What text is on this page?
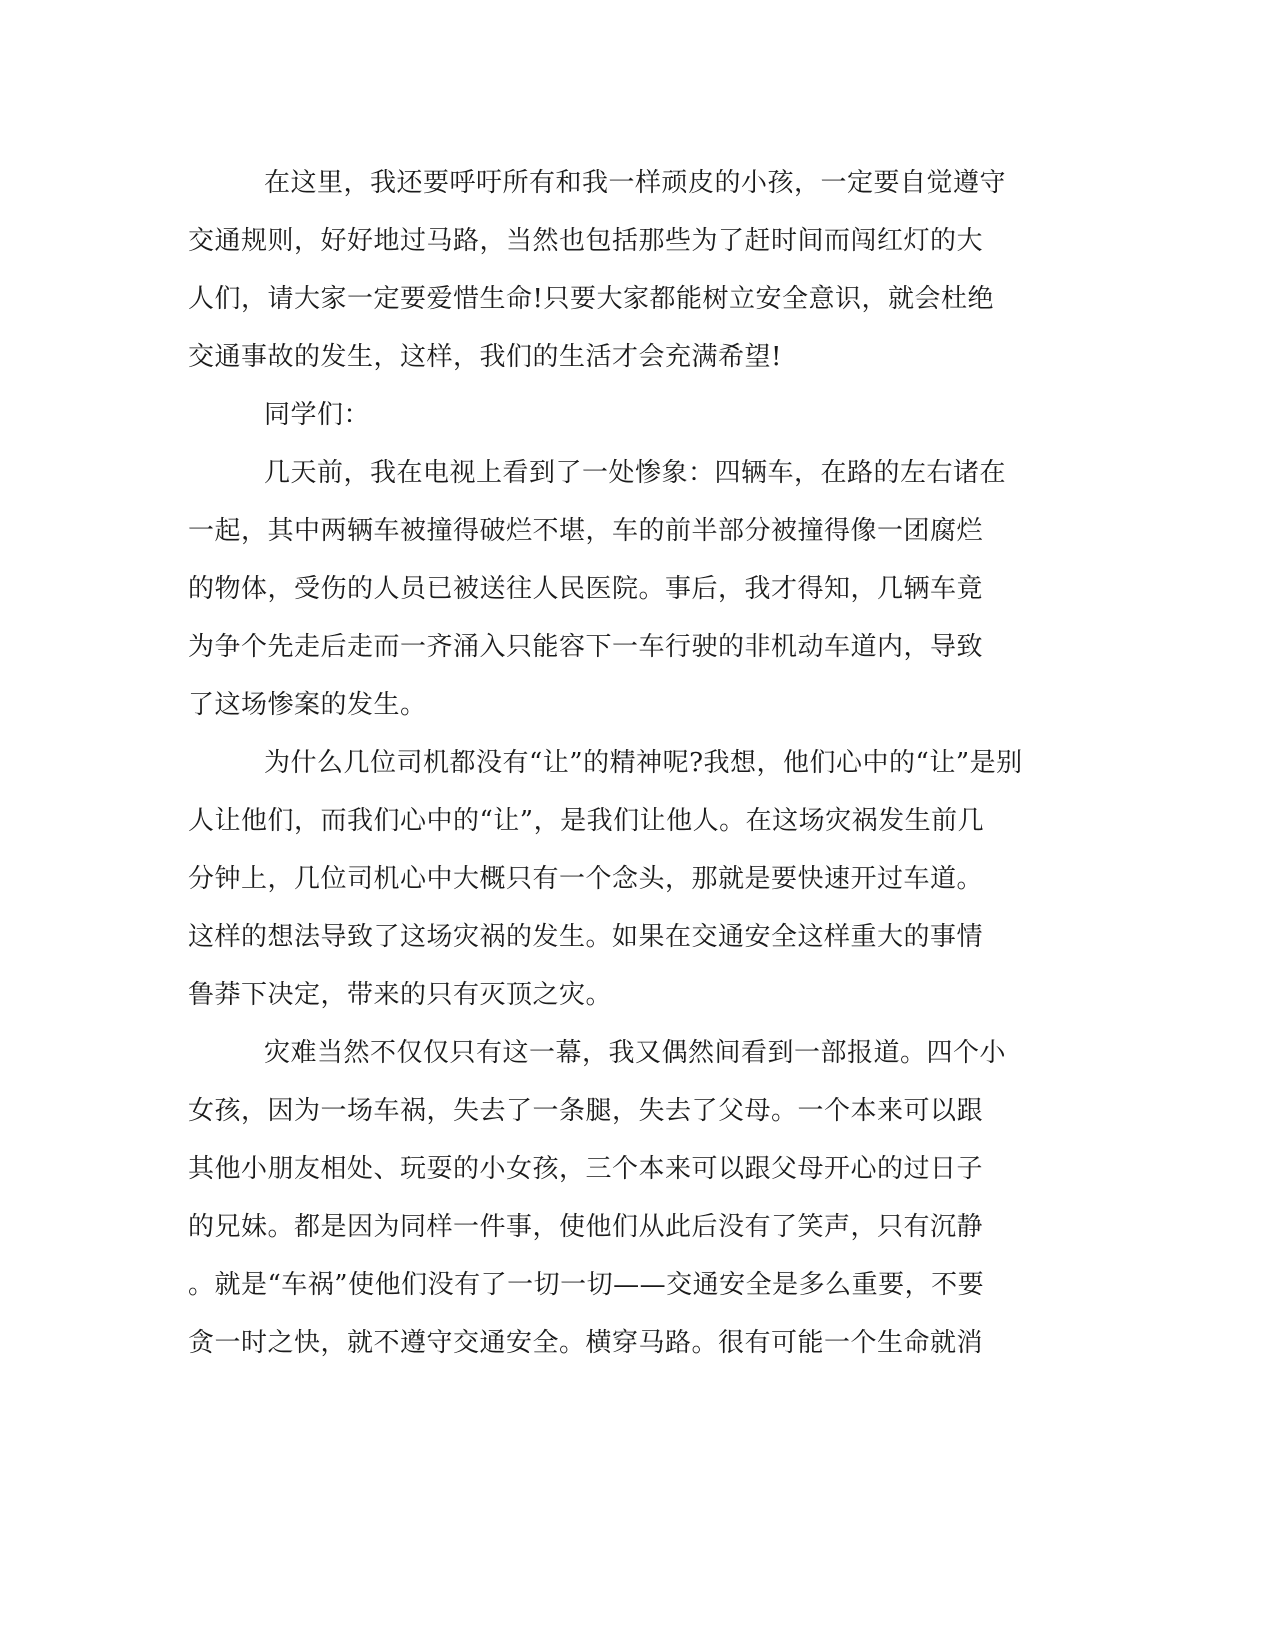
在这里，我还要呼吁所有和我一样顽皮的小孩，一定要自觉遵守
交通规则，好好地过马路，当然也包括那些为了赶时间而闯红灯的大
人们，请大家一定要爱惜生命!只要大家都能树立安全意识，就会杜绝
交通事故的发生，这样，我们的生活才会充满希望!
同学们：
几天前，我在电视上看到了一处惨象：四辆车，在路的左右诸在
一起，其中两辆车被撞得破烂不堪，车的前半部分被撞得像一团腐烂
的物体，受伤的人员已被送往人民医院。事后，我才得知，几辆车竟
为争个先走后走而一齐涌入只能容下一车行驶的非机动车道内，导致
了这场惨案的发生。
为什么几位司机都没有“让”的精神呢?我想，他们心中的“让”是别
人让他们，而我们心中的“让”，是我们让他人。在这场灾祸发生前几
分钟上，几位司机心中大概只有一个念头，那就是要快速开过车道。
这样的想法导致了这场灾祸的发生。如果在交通安全这样重大的事情
鲁莽下决定，带来的只有灭顶之灾。
灾难当然不仅仅只有这一幕，我又偶然间看到一部报道。四个小
女孩，因为一场车祸，失去了一条腿，失去了父母。一个本来可以跟
其他小朋友相处、玩耍的小女孩，三个本来可以跟父母开心的过日子
的兄妹。都是因为同样一件事，使他们从此后没有了笑声，只有沉静
。就是“车祸”使他们没有了一切一切——交通安全是多么重要，不要
贪一时之快，就不遵守交通安全。横穿马路。很有可能一个生命就消
